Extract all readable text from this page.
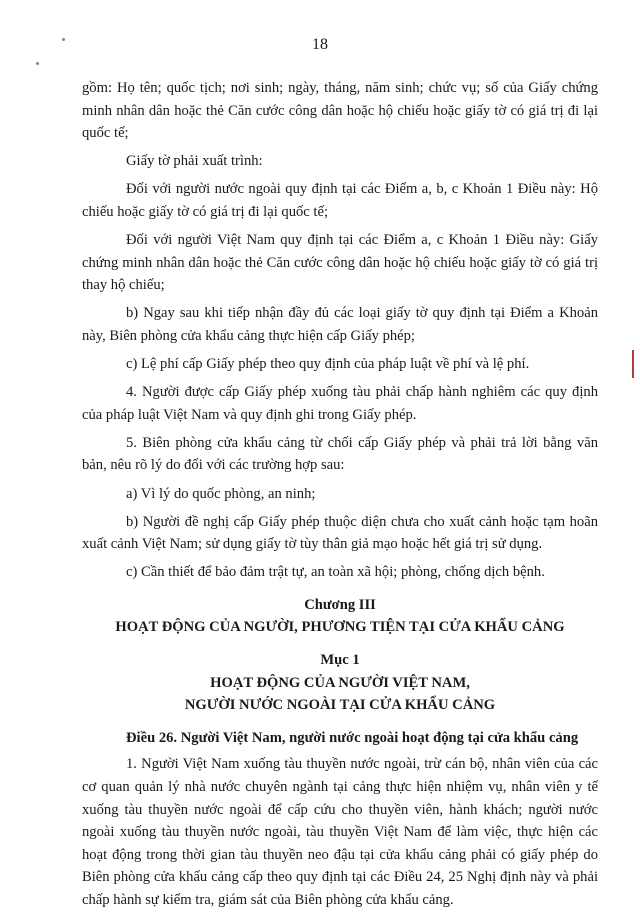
18

gồm: Họ tên; quốc tịch; nơi sinh; ngày, tháng, năm sinh; chức vụ; số của Giấy chứng minh nhân dân hoặc thẻ Căn cước công dân hoặc hộ chiếu hoặc giấy tờ có giá trị đi lại quốc tế;

Giấy tờ phải xuất trình:

Đối với người nước ngoài quy định tại các Điểm a, b, c Khoản 1 Điều này: Hộ chiếu hoặc giấy tờ có giá trị đi lại quốc tế;

Đối với người Việt Nam quy định tại các Điểm a, c Khoản 1 Điều này: Giấy chứng minh nhân dân hoặc thẻ Căn cước công dân hoặc hộ chiếu hoặc giấy tờ có giá trị thay hộ chiếu;

b) Ngay sau khi tiếp nhận đầy đủ các loại giấy tờ quy định tại Điểm a Khoản này, Biên phòng cửa khẩu cảng thực hiện cấp Giấy phép;

c) Lệ phí cấp Giấy phép theo quy định của pháp luật về phí và lệ phí.

4. Người được cấp Giấy phép xuống tàu phải chấp hành nghiêm các quy định của pháp luật Việt Nam và quy định ghi trong Giấy phép.

5. Biên phòng cửa khẩu cảng từ chối cấp Giấy phép và phải trả lời bằng văn bản, nêu rõ lý do đối với các trường hợp sau:

a) Vì lý do quốc phòng, an ninh;

b) Người đề nghị cấp Giấy phép thuộc diện chưa cho xuất cảnh hoặc tạm hoãn xuất cảnh Việt Nam; sử dụng giấy tờ tùy thân giả mạo hoặc hết giá trị sử dụng.

c) Cần thiết để bảo đảm trật tự, an toàn xã hội; phòng, chống dịch bệnh.

Chương III

HOẠT ĐỘNG CỦA NGƯỜI, PHƯƠNG TIỆN TẠI CỬA KHẨU CẢNG

Mục 1

HOẠT ĐỘNG CỦA NGƯỜI VIỆT NAM,

NGƯỜI NƯỚC NGOÀI TẠI CỬA KHẨU CẢNG

Điều 26. Người Việt Nam, người nước ngoài hoạt động tại cửa khẩu cảng

1. Người Việt Nam xuống tàu thuyền nước ngoài, trừ cán bộ, nhân viên của các cơ quan quản lý nhà nước chuyên ngành tại cảng thực hiện nhiệm vụ, nhân viên y tế xuống tàu thuyền nước ngoài để cấp cứu cho thuyền viên, hành khách; người nước ngoài xuống tàu thuyền nước ngoài, tàu thuyền Việt Nam để làm việc, thực hiện các hoạt động trong thời gian tàu thuyền neo đậu tại cửa khẩu cảng phải có giấy phép do Biên phòng cửa khẩu cảng cấp theo quy định tại các Điều 24, 25 Nghị định này và phải chấp hành sự kiểm tra, giám sát của Biên phòng cửa khẩu cảng.
